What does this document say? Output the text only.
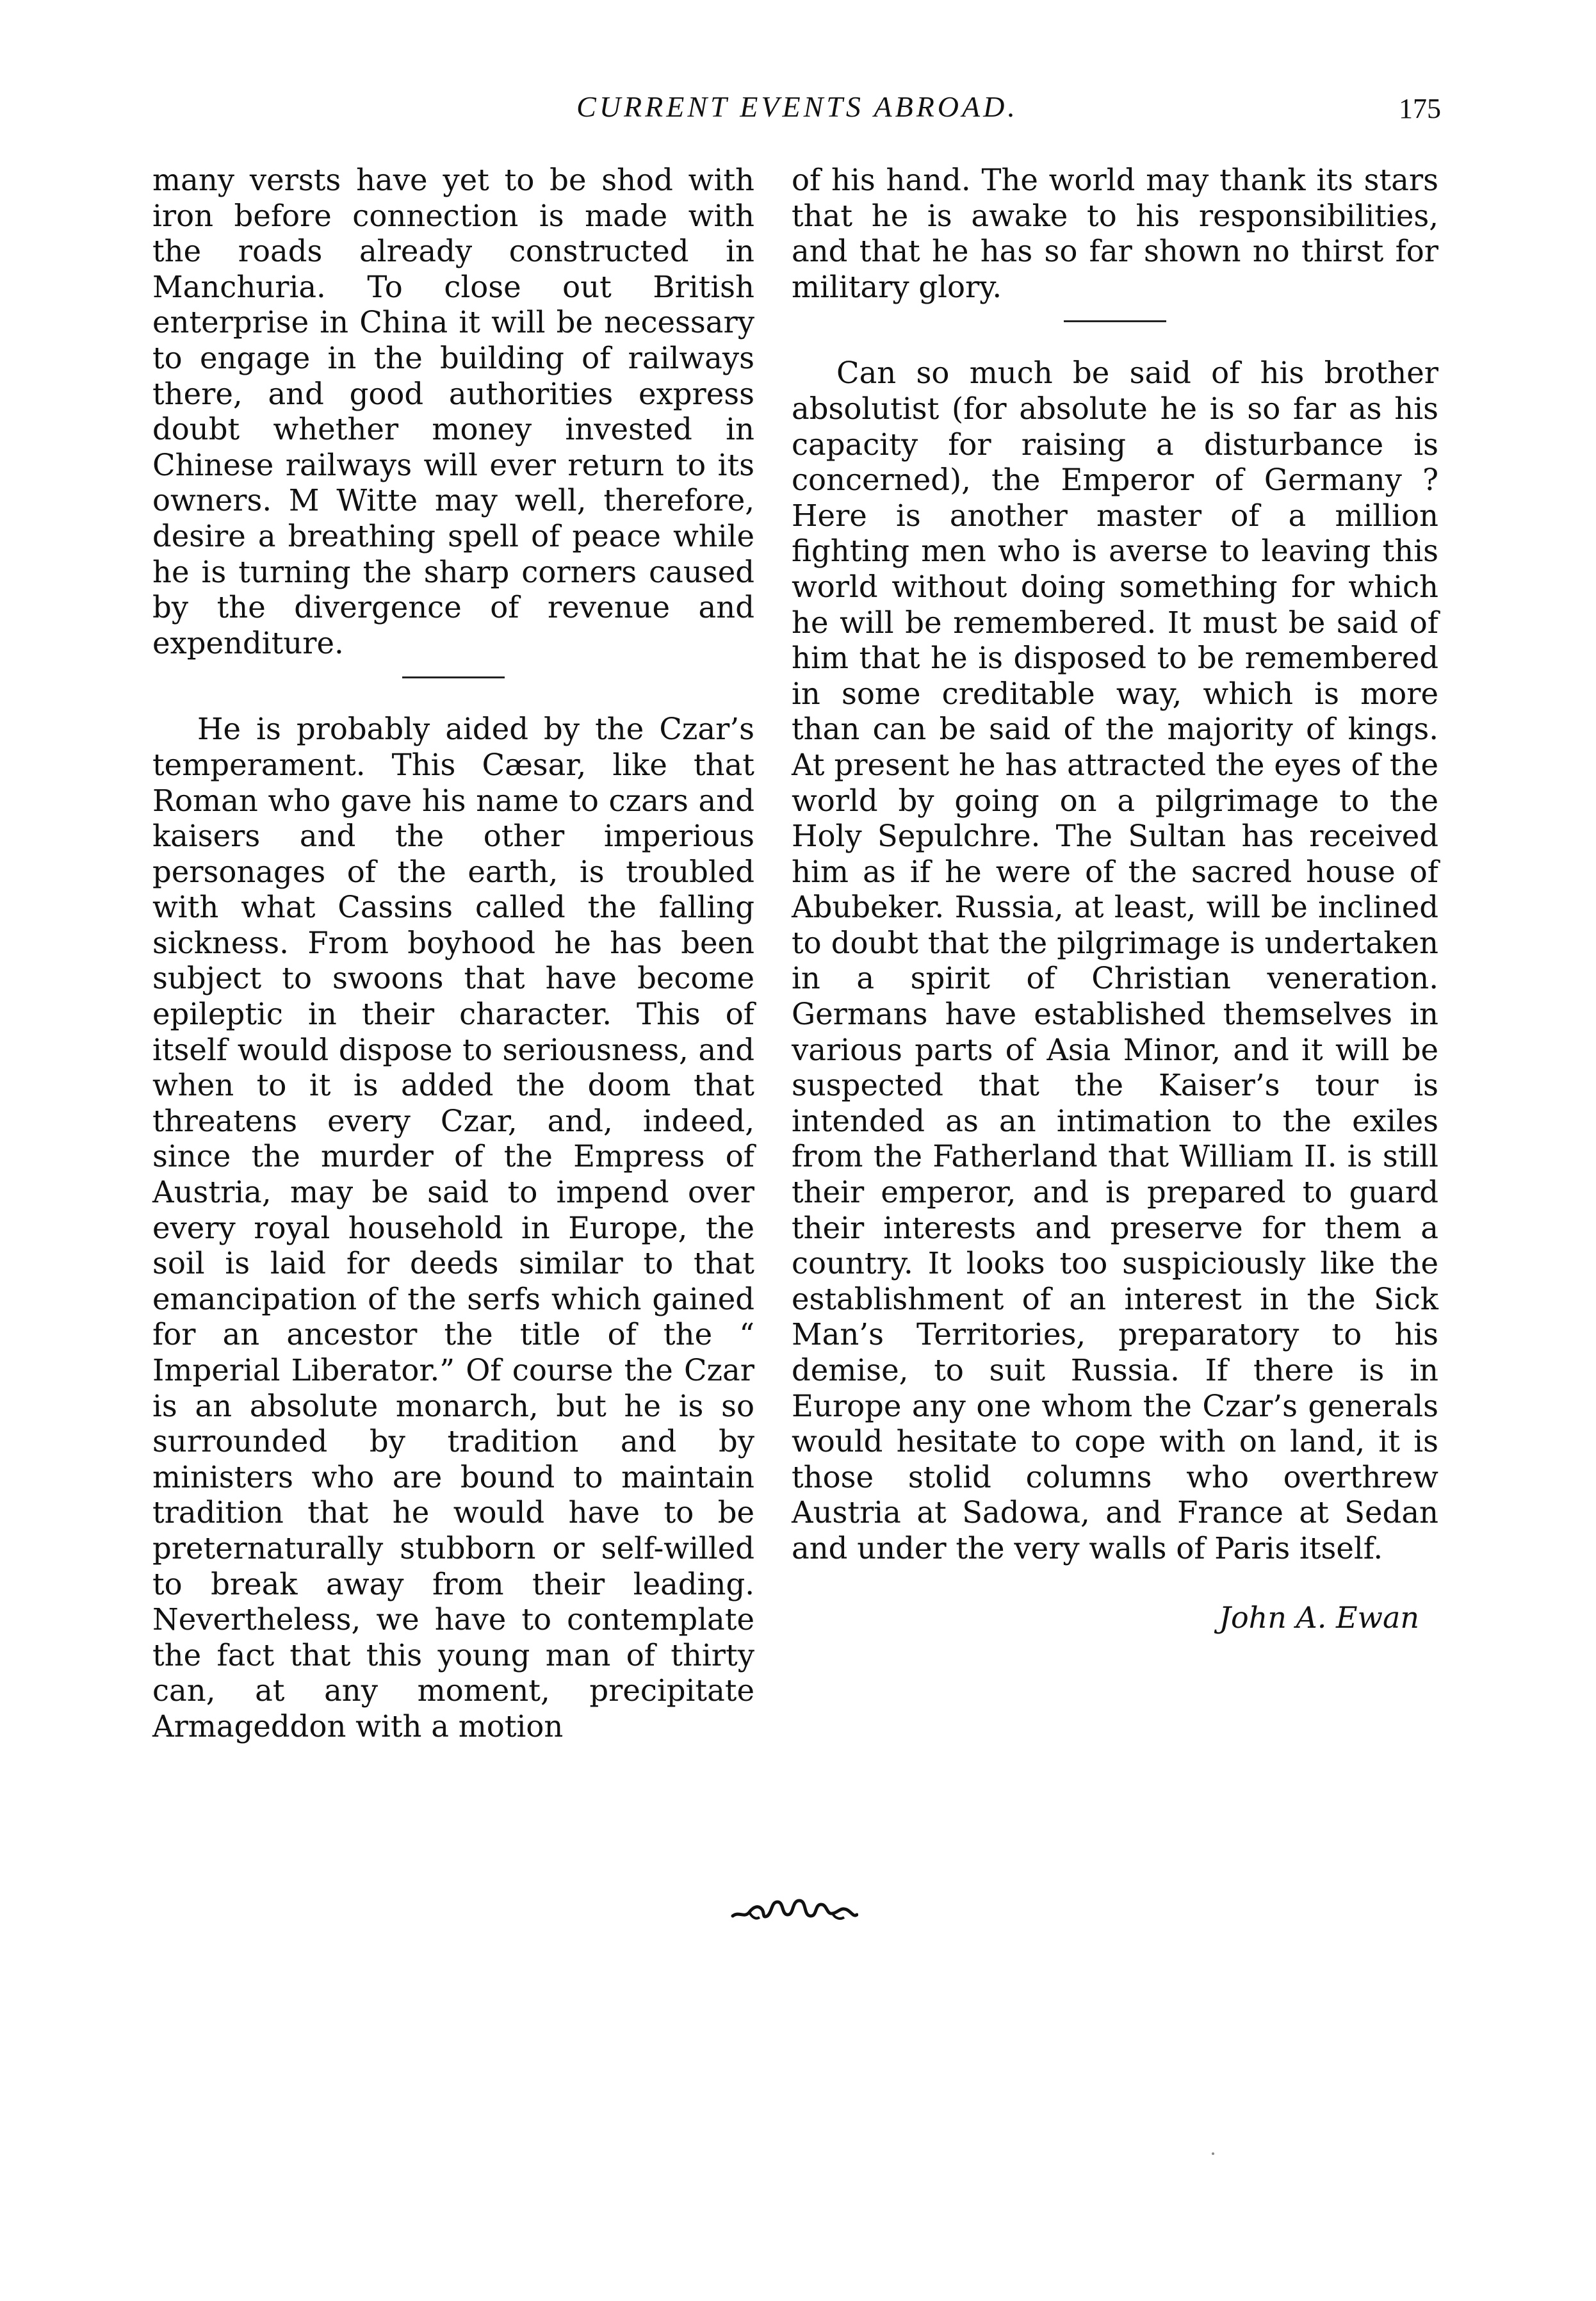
CURRENT EVENTS ABROAD.	175

many versts have yet to be shod with iron before connection is made with the roads already constructed in Manchuria. To close out British enterprise in China it will be necessary to engage in the building of railways there, and good authorities express doubt whether money invested in Chinese railways will ever return to its owners. M Witte may well, therefore, desire a breathing spell of peace while he is turning the sharp corners caused by the divergence of revenue and expenditure.

He is probably aided by the Czar’s temperament. This Cæsar, like that Roman who gave his name to czars and kaisers and the other imperious personages of the earth, is troubled with what Cassins called the falling sickness. From boyhood he has been subject to swoons that have become epileptic in their character. This of itself would dispose to seriousness, and when to it is added the doom that threatens every Czar, and, indeed, since the murder of the Empress of Austria, may be said to impend over every royal household in Europe, the soil is laid for deeds similar to that emancipation of the serfs which gained for an ancestor the title of the “ Imperial Liberator.” Of course the Czar is an absolute monarch, but he is so surrounded by tradition and by ministers who are bound to maintain tradition that he would have to be preternaturally stubborn or self-willed to break away from their leading. Nevertheless, we have to contemplate the fact that this young man of thirty can, at any moment, precipitate Armageddon with a motion

of his hand. The world may thank its stars that he is awake to his responsibilities, and that he has so far shown no thirst for military glory.

Can so much be said of his brother absolutist (for absolute he is so far as his capacity for raising a disturbance is concerned), the Emperor of Germany ? Here is another master of a million fighting men who is averse to leaving this world without doing something for which he will be remembered. It must be said of him that he is disposed to be remembered in some creditable way, which is more than can be said of the majority of kings. At present he has attracted the eyes of the world by going on a pilgrimage to the Holy Sepulchre. The Sultan has received him as if he were of the sacred house of Abubeker. Russia, at least, will be inclined to doubt that the pilgrimage is undertaken in a spirit of Christian veneration. Germans have established themselves in various parts of Asia Minor, and it will be suspected that the Kaiser’s tour is intended as an intimation to the exiles from the Fatherland that William II. is still their emperor, and is prepared to guard their interests and preserve for them a country. It looks too suspiciously like the establishment of an interest in the Sick Man’s Territories, preparatory to his demise, to suit Russia. If there is in Europe any one whom the Czar’s generals would hesitate to cope with on land, it is those stolid columns who overthrew Austria at Sadowa, and France at Sedan and under the very walls of Paris itself.

John A. Ewan
